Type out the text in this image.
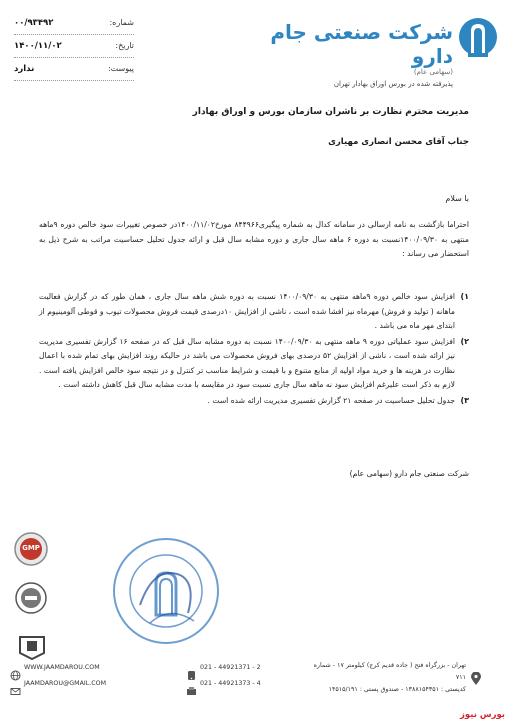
شماره:
۰۰/۹۳۴۹۲
تاریخ:
۱۴۰۰/۱۱/۰۲
پیوست:
ندارد
شرکت صنعتی جام دارو
(سهامی عام)
پذیرفته شده در بورس اوراق بهادار تهران
مدیریت محترم نظارت بر ناشران سازمان بورس و اوراق بهادار
جناب آقای محسن انصاری مهیاری
با سلام
احتراما بازگشت به نامه ارسالی در سامانه کدال به شماره پیگیری۸۴۴۹۶۶ مورخ۱۴۰۰/۱۱/۰۲در خصوص تغییرات سود خالص دوره ۹ماهه منتهی به ۱۴۰۰/۰۹/۳۰نسبت به دوره ۶ ماهه سال جاری و دوره مشابه سال قبل و ارائه جدول تحلیل حساسیت مراتب به شرح ذیل به استحضار می رساند :
۱)
افزایش سود خالص دوره ۹ماهه منتهی به ۱۴۰۰/۰۹/۳۰ نسبت به دوره شش ماهه سال جاری ، همان طور که در گزارش فعالیت ماهانه ( تولید و فروش) مهرماه نیز افشا شده است ، ناشی از افزایش ۱۰درصدی قیمت فروش محصولات تیوب و قوطی آلومینیوم از ابتدای مهر ماه می باشد .
۲)
افزایش سود عملیاتی دوره ۹ ماهه منتهی به ۱۴۰۰/۰۹/۳۰ نسبت به دوره مشابه سال قبل که در صفحه ۱۶ گزارش تفسیری مدیریت نیز ارائه شده است ، ناشی از افزایش ۵۲ درصدی بهای فروش محصولات می باشد در حالیکه روند افزایش بهای تمام شده با اعمال نظارت در هزینه ها و خرید مواد اولیه از منابع متنوع و با قیمت و شرایط مناسب تر کنترل و در نتیجه سود خالص افزایش یافته است . لازم به ذکر است علیرغم افزایش سود نه ماهه سال جاری نسبت سود در مقایسه با مدت مشابه سال قبل کاهش داشته است .
۳)
جدول تحلیل حساسیت در صفحه ۲۱ گزارش تفسیری مدیریت ارائه شده است .
شرکت صنعتی جام دارو (سهامی عام)
GMP
WWW.JAAMDAROU.COM
JAAMDAROU@GMAIL.COM
021 - 44921371 - 2
021 - 44921373 - 4
تهران - بزرگراه فتح ( جاده قدیم کرج) کیلومتر ۱۷ - شماره ۷۱۱
کدپستی : ۱۳۸۸۱۵۴۳۵۱ - صندوق پستی : ۱۴۵۱۵/۱۹۱
بورس نیوز
